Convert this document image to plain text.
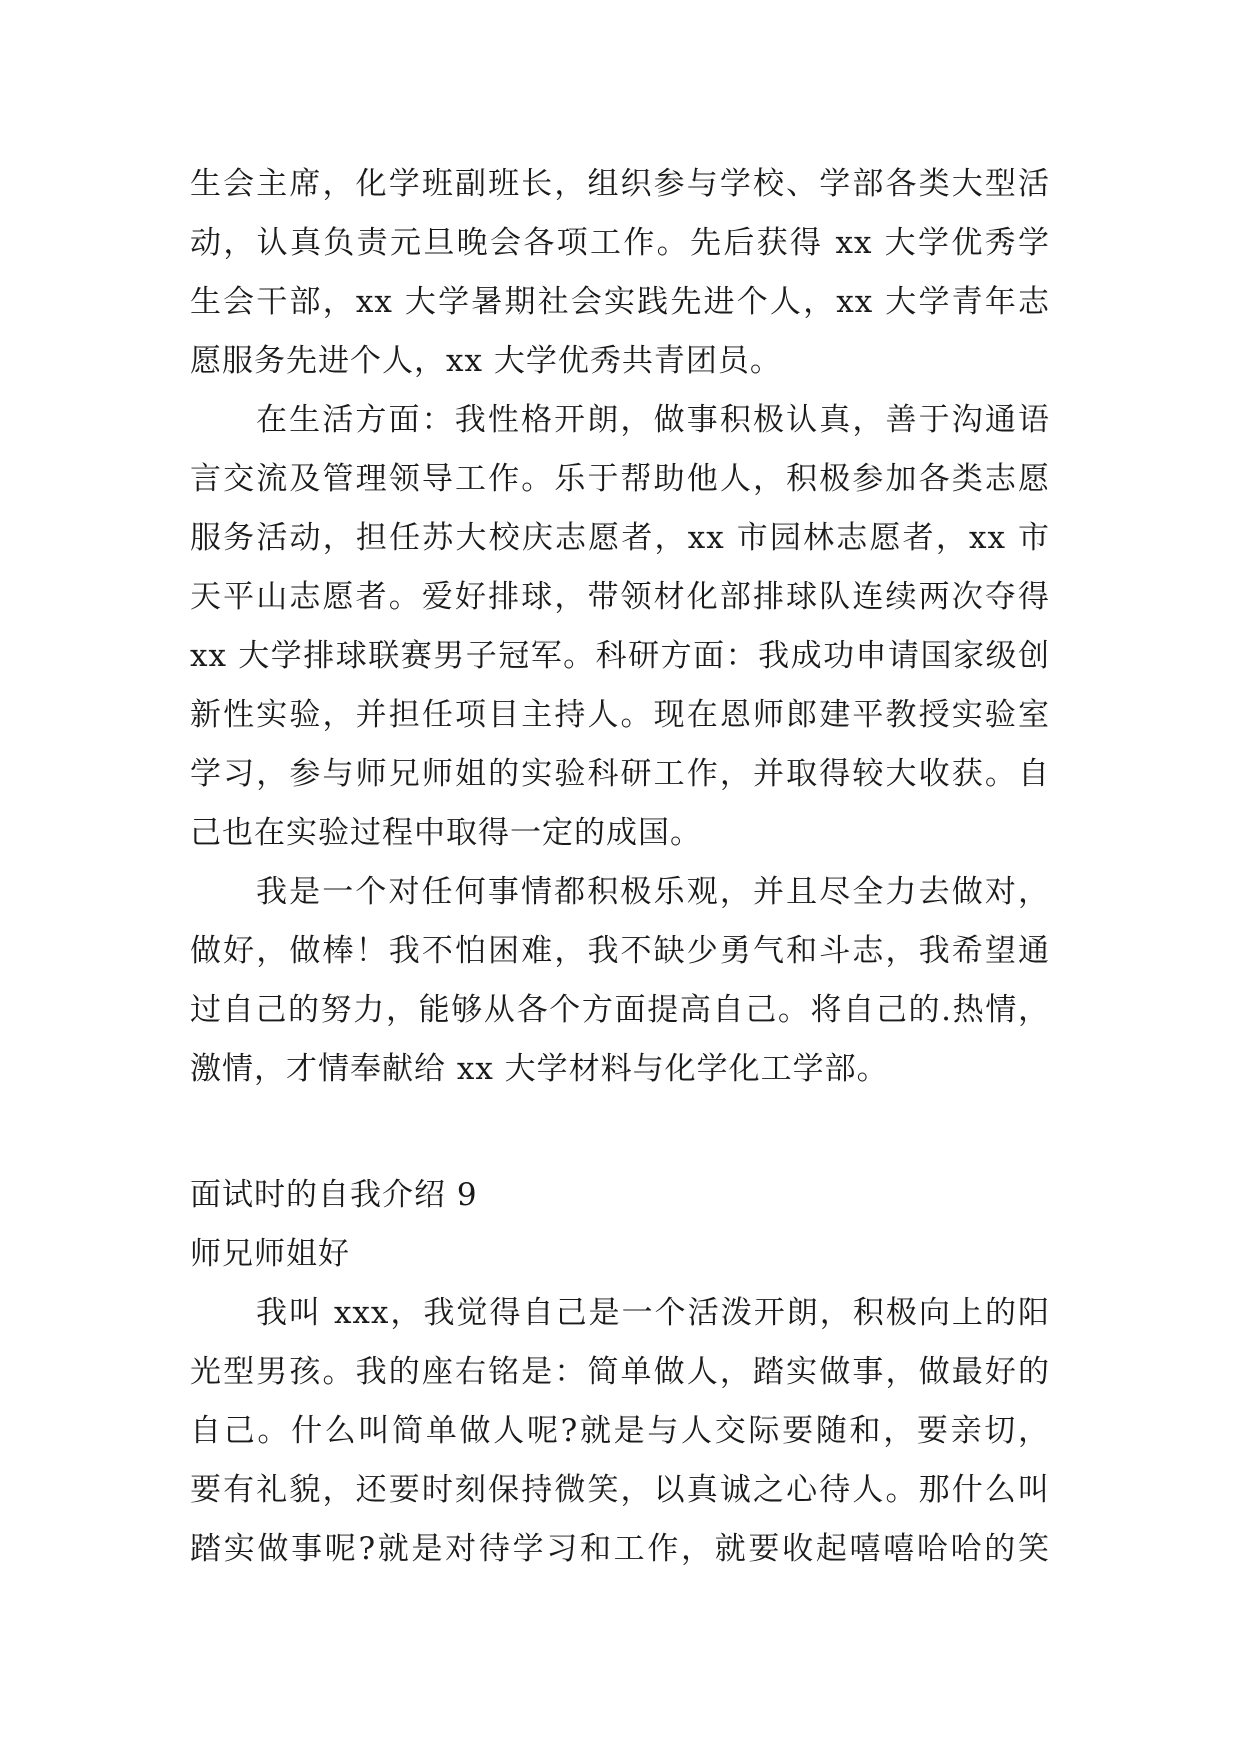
生会主席，化学班副班长，组织参与学校、学部各类大型活
动，认真负责元旦晚会各项工作。先后获得 xx 大学优秀学
生会干部，xx 大学暑期社会实践先进个人，xx 大学青年志
愿服务先进个人，xx 大学优秀共青团员。
在生活方面：我性格开朗，做事积极认真，善于沟通语
言交流及管理领导工作。乐于帮助他人，积极参加各类志愿
服务活动，担任苏大校庆志愿者，xx 市园林志愿者，xx 市
天平山志愿者。爱好排球，带领材化部排球队连续两次夺得
xx 大学排球联赛男子冠军。科研方面：我成功申请国家级创
新性实验，并担任项目主持人。现在恩师郎建平教授实验室
学习，参与师兄师姐的实验科研工作，并取得较大收获。自
己也在实验过程中取得一定的成国。
我是一个对任何事情都积极乐观，并且尽全力去做对，
做好，做棒！我不怕困难，我不缺少勇气和斗志，我希望通
过自己的努力，能够从各个方面提高自己。将自己的.热情，
激情，才情奉献给 xx 大学材料与化学化工学部。
面试时的自我介绍 9
师兄师姐好
我叫 xxx，我觉得自己是一个活泼开朗，积极向上的阳
光型男孩。我的座右铭是：简单做人，踏实做事，做最好的
自己。什么叫简单做人呢?就是与人交际要随和，要亲切，
要有礼貌，还要时刻保持微笑，以真诚之心待人。那什么叫
踏实做事呢?就是对待学习和工作，就要收起嘻嘻哈哈的笑
